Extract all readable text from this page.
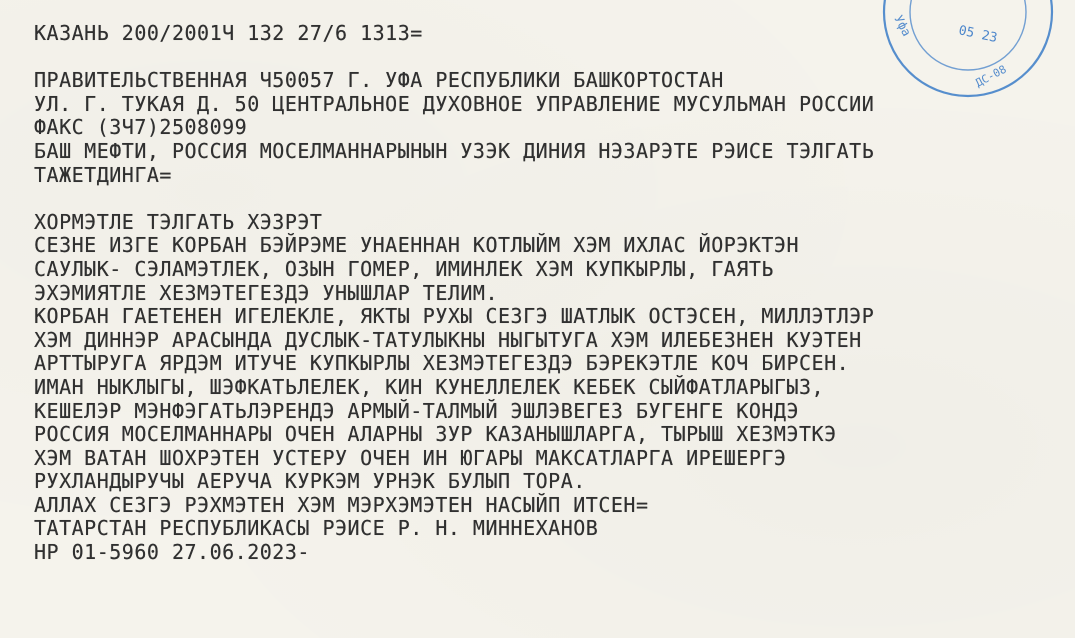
05 23
Уфа
ДС-08
КАЗАНЬ 200/2001Ч 132 27/6 1313=
ПРАВИТЕЛЬСТВЕННАЯ Ч50057 Г. УФА РЕСПУБЛИКИ БАШКОРТОСТАН
УЛ. Г. ТУКАЯ Д. 50 ЦЕНТРАЛЬНОЕ ДУХОВНОЕ УПРАВЛЕНИЕ МУСУЛЬМАН РОССИИ
ФАКС (3Ч7)2508099
БАШ МЕФТИ, РОССИЯ МОСЕЛМАННАРЫНЫН УЗЭК ДИНИЯ НЭЗАРЭТЕ РЭИСЕ ТЭЛГАТЬ
ТАЖЕТДИНГА=
ХОРМЭТЛЕ ТЭЛГАТЬ ХЭЗРЭТ
СЕЗНЕ ИЗГЕ КОРБАН БЭЙРЭМЕ УНАЕННАН КОТЛЫЙМ ХЭМ ИХЛАС ЙОРЭКТЭН
САУЛЫК- СЭЛАМЭТЛЕК, ОЗЫН ГОМЕР, ИМИНЛЕК ХЭМ КУПКЫРЛЫ, ГАЯТЬ
ЭХЭМИЯТЛЕ ХЕЗМЭТЕГЕЗДЭ УНЫШЛАР ТЕЛИМ.
КОРБАН ГАЕТЕНЕН ИГЕЛЕКЛЕ, ЯКТЫ РУХЫ СЕЗГЭ ШАТЛЫК ОСТЭСЕН, МИЛЛЭТЛЭР
ХЭМ ДИННЭР АРАСЫНДА ДУСЛЫК-ТАТУЛЫКНЫ НЫГЫТУГА ХЭМ ИЛЕБЕЗНЕН КУЭТЕН
АРТТЫРУГА ЯРДЭМ ИТУЧЕ КУПКЫРЛЫ ХЕЗМЭТЕГЕЗДЭ БЭРЕКЭТЛЕ КОЧ БИРСЕН.
ИМАН НЫКЛЫГЫ, ШЭФКАТЬЛЕЛЕК, КИН КУНЕЛЛЕЛЕК КЕБЕК СЫЙФАТЛАРЫГЫЗ,
КЕШЕЛЭР МЭНФЭГАТЬЛЭРЕНДЭ АРМЫЙ-ТАЛМЫЙ ЭШЛЭВЕГЕЗ БУГЕНГЕ КОНДЭ
РОССИЯ МОСЕЛМАННАРЫ ОЧЕН АЛАРНЫ ЗУР КАЗАНЫШЛАРГА, ТЫРЫШ ХЕЗМЭТКЭ
ХЭМ ВАТАН ШОХРЭТЕН УСТЕРУ ОЧЕН ИН ЮГАРЫ МАКСАТЛАРГА ИРЕШЕРГЭ
РУХЛАНДЫРУЧЫ АЕРУЧА КУРКЭМ УРНЭК БУЛЫП ТОРА.
АЛЛАХ СЕЗГЭ РЭХМЭТЕН ХЭМ МЭРХЭМЭТЕН НАСЫЙП ИТСЕН=
ТАТАРСТАН РЕСПУБЛИКАСЫ РЭИСЕ Р. Н. МИННЕХАНОВ
НР 01-5960 27.06.2023-
